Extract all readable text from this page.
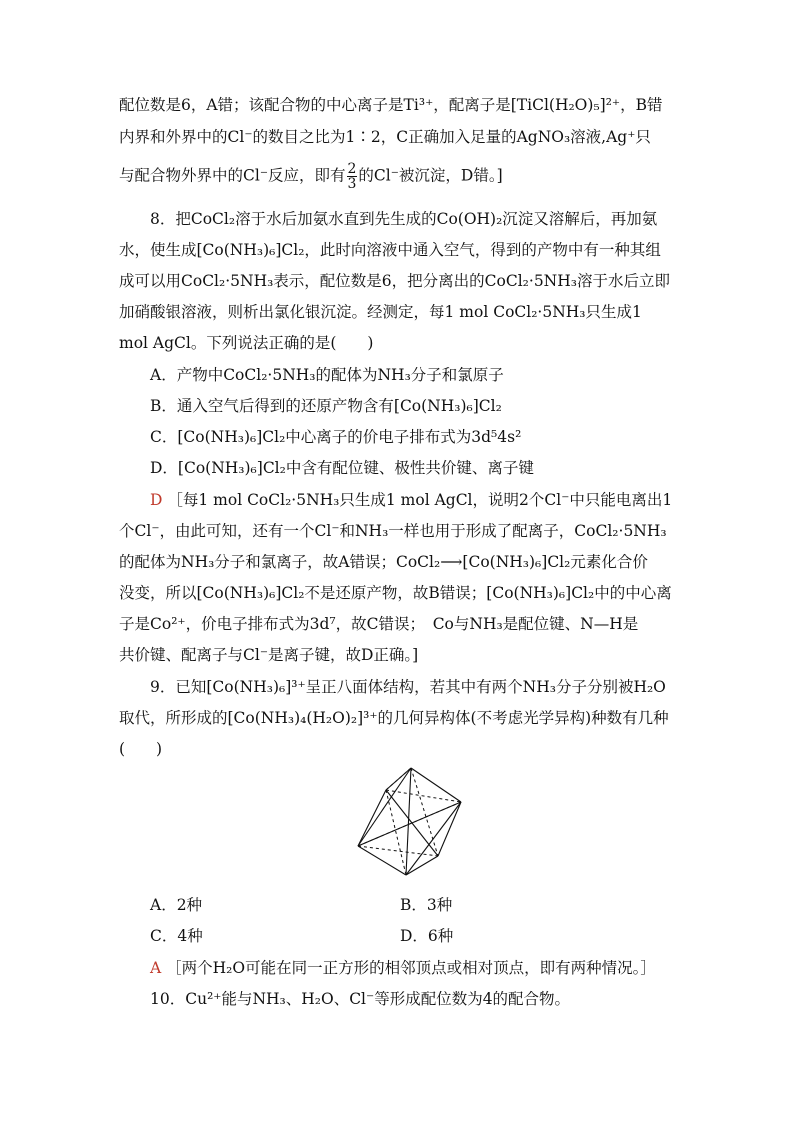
配位数是6，A错；该配合物的中心离子是Ti³⁺，配离子是[TiCl(H₂O)₅]²⁺，B错
内界和外界中的Cl⁻的数目之比为1∶2，C正确加入足量的AgNO₃溶液,Ag⁺只
与配合物外界中的Cl⁻反应，即有 $\frac{2}{3}$ 的Cl⁻被沉淀，D错。]
8．把CoCl₂溶于水后加氨水直到先生成的Co(OH)₂沉淀又溶解后，再加氨
水，使生成[Co(NH₃)₆]Cl₂，此时向溶液中通入空气，得到的产物中有一种其组
成可以用CoCl₂·5NH₃表示，配位数是6，把分离出的CoCl₂·5NH₃溶于水后立即
加硝酸银溶液，则析出氯化银沉淀。经测定，每1 mol CoCl₂·5NH₃只生成1
mol AgCl。下列说法正确的是(　　)
A．产物中CoCl₂·5NH₃的配体为NH₃分子和氯原子
B．通入空气后得到的还原产物含有[Co(NH₃)₆]Cl₂
C．[Co(NH₃)₆]Cl₂中心离子的价电子排布式为3d⁵4s²
D．[Co(NH₃)₆]Cl₂中含有配位键、极性共价键、离子键
D ［每1 mol CoCl₂·5NH₃只生成1 mol AgCl，说明2个Cl⁻中只能电离出1
个Cl⁻，由此可知，还有一个Cl⁻和NH₃一样也用于形成了配离子，CoCl₂·5NH₃
的配体为NH₃分子和氯离子，故A错误；CoCl₂⟶[Co(NH₃)₆]Cl₂元素化合价
没变，所以[Co(NH₃)₆]Cl₂不是还原产物，故B错误；[Co(NH₃)₆]Cl₂中的中心离
子是Co²⁺，价电子排布式为3d⁷，故C错误；　Co与NH₃是配位键、N—H是
共价键、配离子与Cl⁻是离子键，故D正确。]
9．已知[Co(NH₃)₆]³⁺呈正八面体结构，若其中有两个NH₃分子分别被H₂O
取代，所形成的[Co(NH₃)₄(H₂O)₂]³⁺的几何异构体(不考虑光学异构)种数有几种
(　　)
A．2种	B．3种
C．4种	D．6种
A ［两个H₂O可能在同一正方形的相邻顶点或相对顶点，即有两种情况。］
10．Cu²⁺能与NH₃、H₂O、Cl⁻等形成配位数为4的配合物。
